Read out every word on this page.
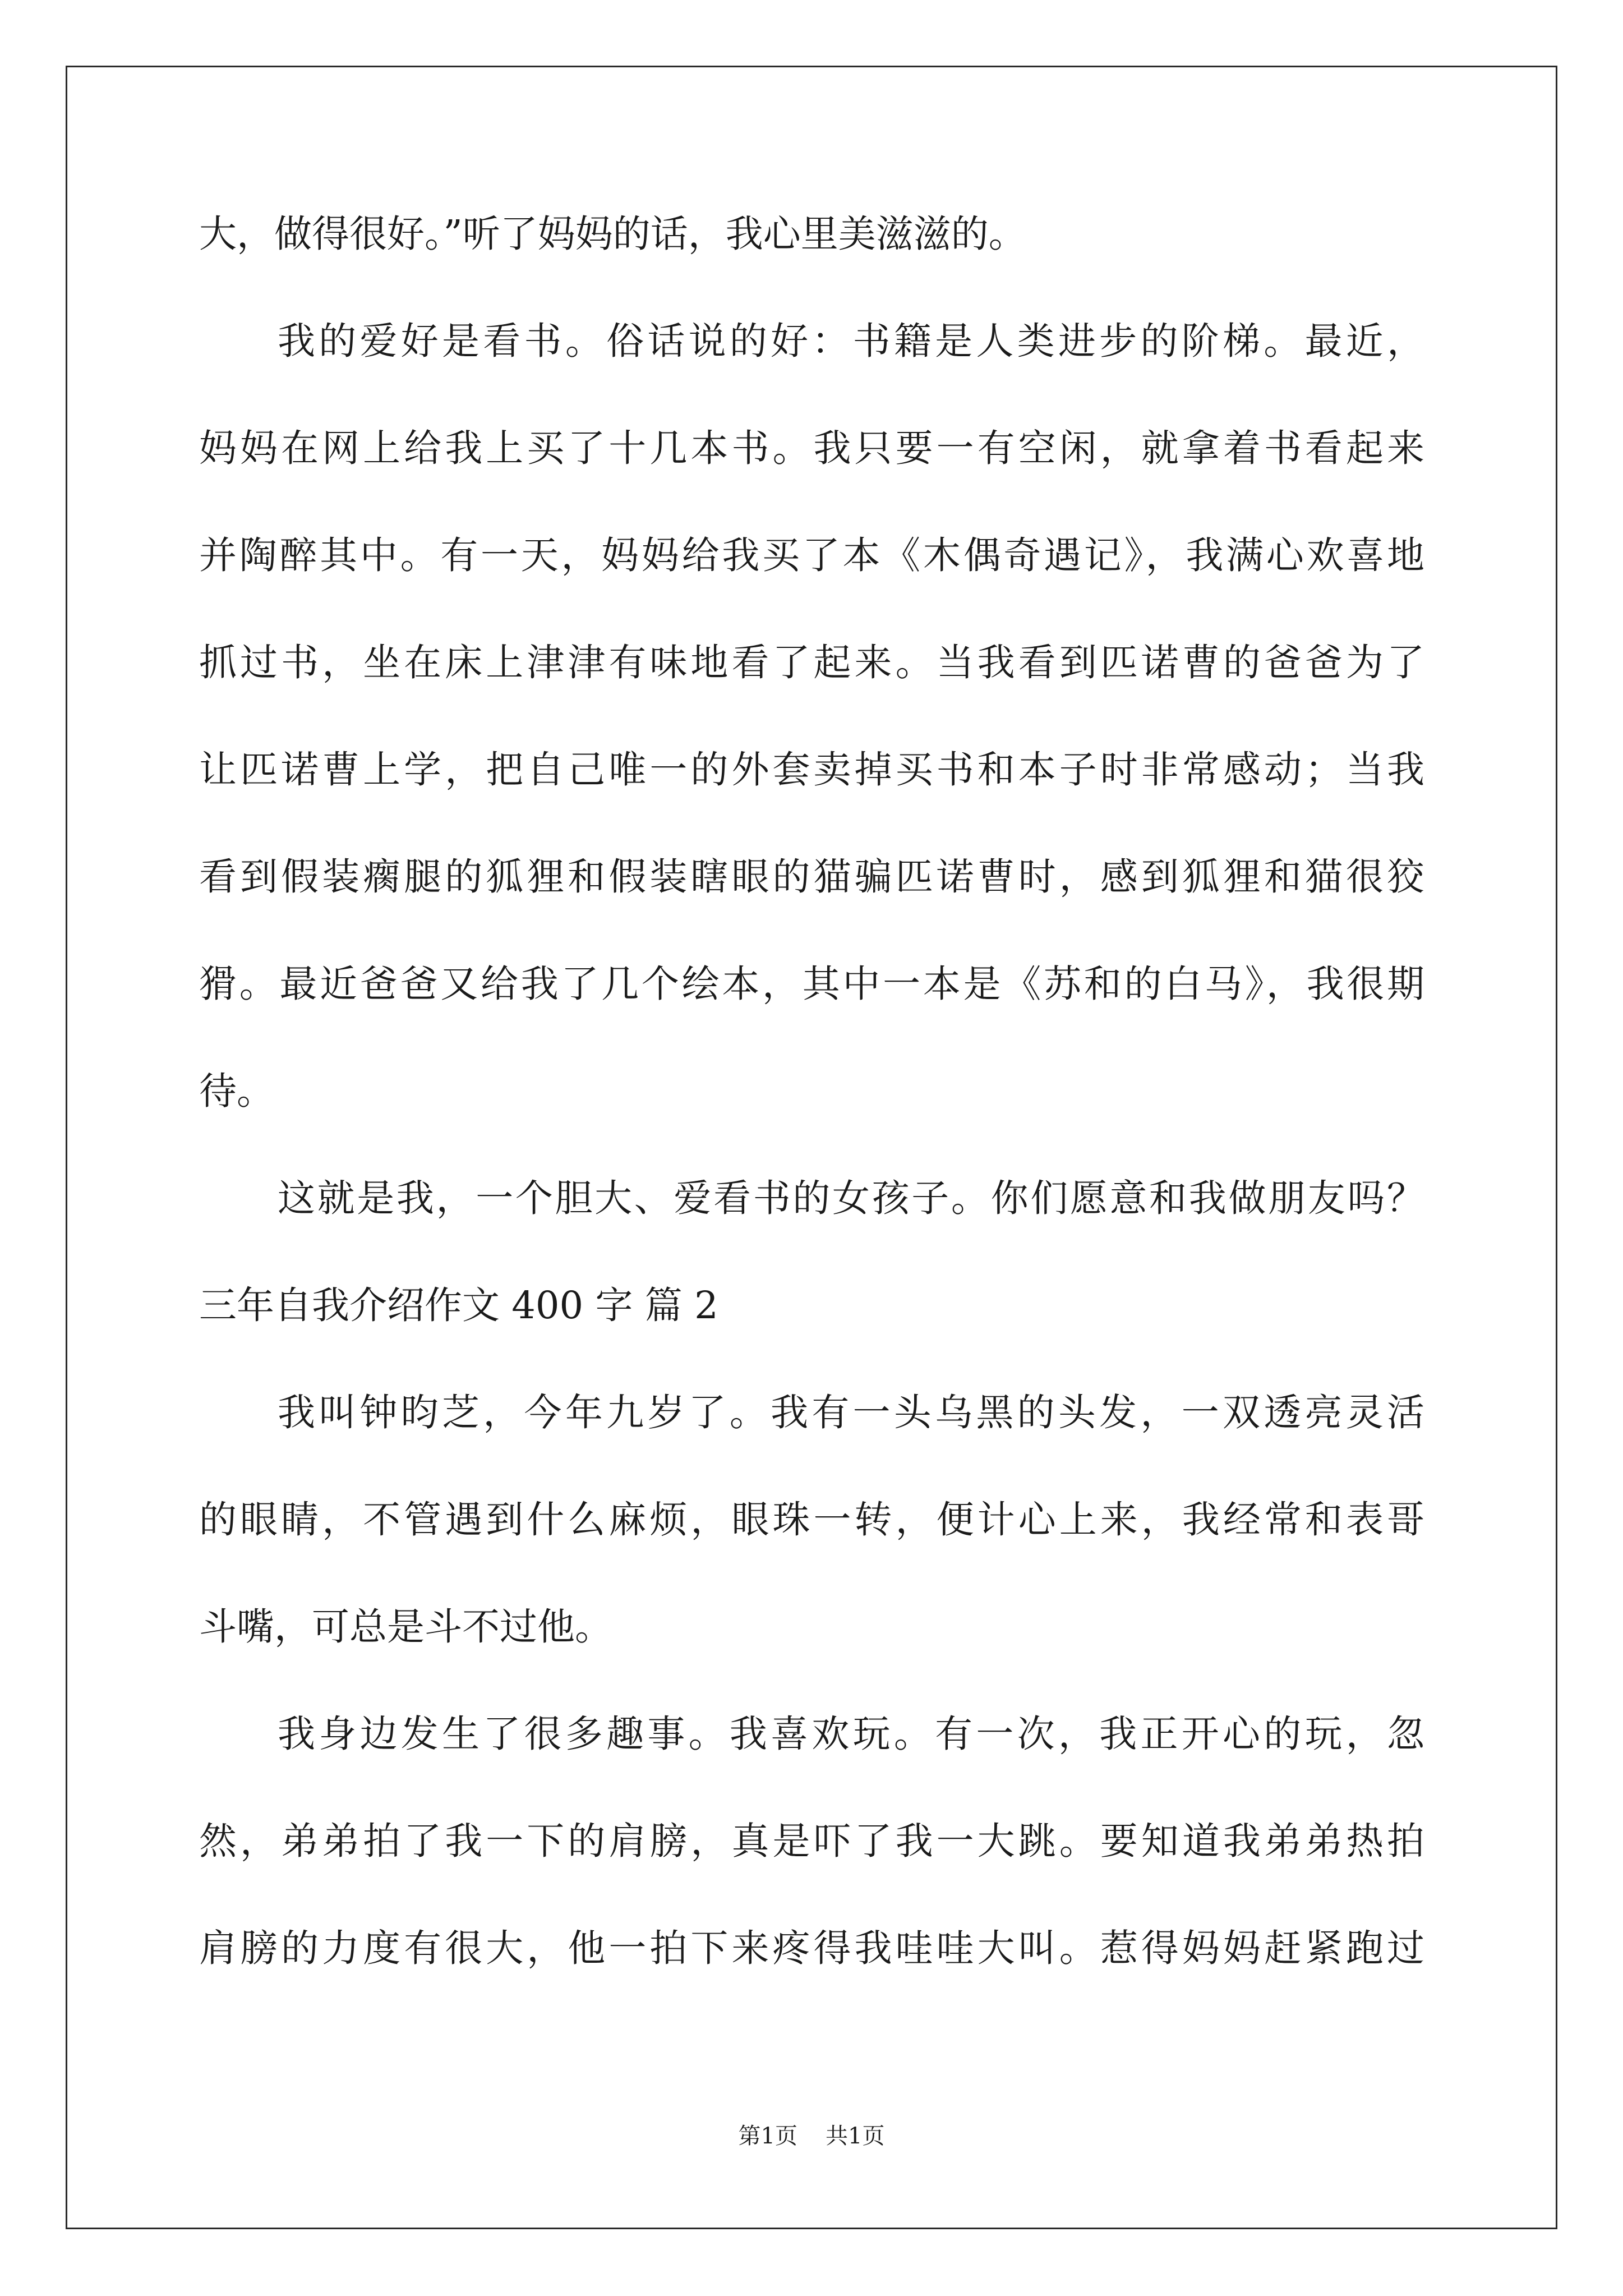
大，做得很好。”听了妈妈的话，我心里美滋滋的。
我的爱好是看书。俗话说的好：书籍是人类进步的阶梯。最近，
妈妈在网上给我上买了十几本书。我只要一有空闲，就拿着书看起来
并陶醉其中。有一天，妈妈给我买了本《木偶奇遇记》，我满心欢喜地
抓过书，坐在床上津津有味地看了起来。当我看到匹诺曹的爸爸为了
让匹诺曹上学，把自己唯一的外套卖掉买书和本子时非常感动；当我
看到假装瘸腿的狐狸和假装瞎眼的猫骗匹诺曹时，感到狐狸和猫很狡
猾。最近爸爸又给我了几个绘本，其中一本是《苏和的白马》，我很期
待。
这就是我，一个胆大、爱看书的女孩子。你们愿意和我做朋友吗？
三年自我介绍作文 400 字 篇 2
我叫钟昀芝，今年九岁了。我有一头乌黑的头发，一双透亮灵活
的眼睛，不管遇到什么麻烦，眼珠一转，便计心上来，我经常和表哥
斗嘴，可总是斗不过他。
我身边发生了很多趣事。我喜欢玩。有一次，我正开心的玩，忽
然，弟弟拍了我一下的肩膀，真是吓了我一大跳。要知道我弟弟热拍
肩膀的力度有很大，他一拍下来疼得我哇哇大叫。惹得妈妈赶紧跑过
第1页 共1页
